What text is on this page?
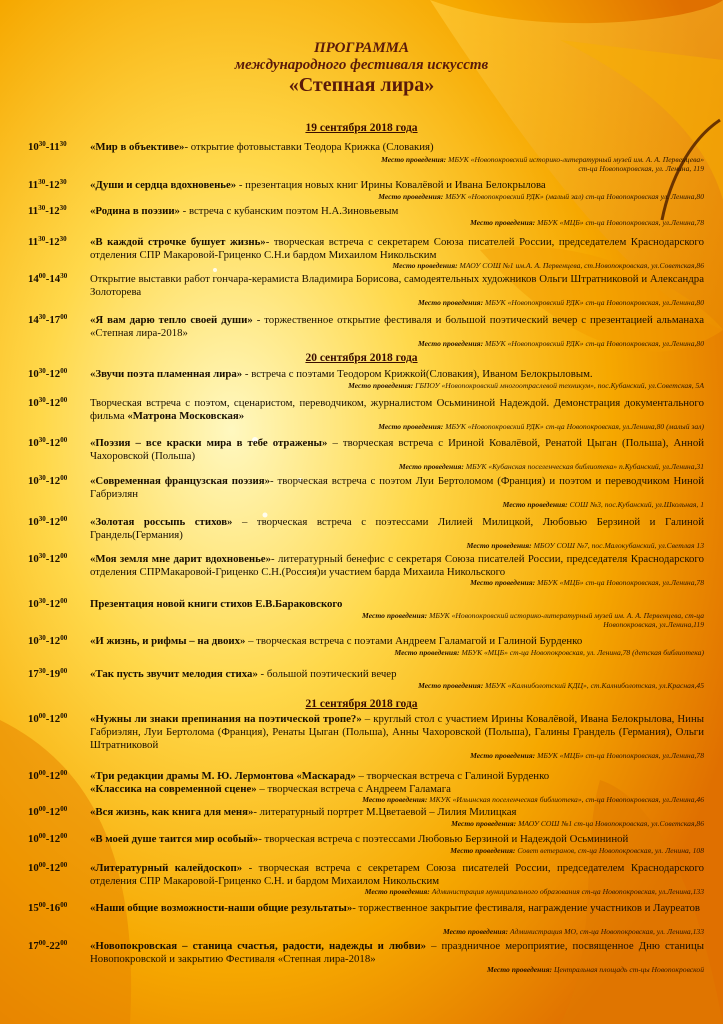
ПРОГРАММА
международного фестиваля искусств
«Степная лира»
19 сентября 2018 года
20 сентября 2018 года
21 сентября 2018 года
$10^{30}-11^{30}$	«Мир в объективе»- открытие фотовыставки Теодора Крижка (Словакия)
Место проведения: МБУК «Новопокровский историко-литературный музей им. А. А. Первенцева»
ст-ца Новопокровская, ул. Ленина, 119
$11^{30}-12^{30}$	«Души и сердца вдохновенье» - презентация новых книг Ирины Ковалёвой и Ивана Белокрылова
Место проведения: МБУК «Новопокровский РДК» (малый зал) ст-ца Новопокровская ул. Ленина,80
$11^{30}-12^{30}$	«Родина в поэзии» - встреча с кубанским поэтом Н.А.Зиновьевым
Место проведения: МБУК «МЦБ» ст-ца Новопокровская, ул.Ленина,78
$11^{30}-12^{30}$	«В каждой строчке бушует жизнь»- творческая встреча с секретарем Союза писателей России, председателем Краснодарского отделения СПР Макаровой-Гриценко С.Н.и бардом Михаилом Никольским
Место проведения: МАОУ СОШ №1 им.А. А. Первенцева, ст.Новопокровская, ул.Советская,86
$14^{00}-14^{30}$	Открытие выставки работ гончара-керамиста Владимира Борисова, самодеятельных художников Ольги Штратниковой и Александра Золоторева
Место проведения: МБУК «Новопокровский РДК» ст-ца Новопокровская, ул.Ленина,80
$14^{30}-17^{00}$	«Я вам дарю тепло своей души» - торжественное открытие фестиваля и большой поэтический вечер с презентацией альманаха «Степная лира-2018»
Место проведения: МБУК «Новопокровский РДК» ст-ца Новопокровская, ул.Ленина,80
$10^{30}-12^{00}$	«Звучи поэта пламенная лира» - встреча с поэтами Теодором Крижкой(Словакия), Иваном Белокрыловым.
Место проведения: ГБПОУ «Новопокровский многоотраслевой техникум», пос.Кубанский, ул.Советская, 5А
$10^{30}-12^{00}$	Творческая встреча с поэтом, сценаристом, переводчиком, журналистом Осьмининой Надеждой. Демонстрация документального фильма «Матрона Московская»
Место проведения: МБУК «Новопокровский РДК» ст-ца Новопокровская, ул.Ленина,80 (малый зал)
$10^{30}-12^{00}$	«Поэзия – все краски мира в тебе отражены» – творческая встреча с Ириной Ковалёвой, Ренатой Цыган (Польша), Анной Чахоровской (Польша)
Место проведения: МБУК «Кубанская поселенческая библиотека» п.Кубанский, ул.Ленина,31
$10^{30}-12^{00}$	«Современная французская поэзия»- творческая встреча с поэтом Луи Бертоломом (Франция) и поэтом и переводчиком Ниной Габриэлян
Место проведения: СОШ №3, пос.Кубанский, ул.Школьная, 1
$10^{30}-12^{00}$	«Золотая россыпь стихов» – творческая встреча с поэтессами Лилией Милицкой, Любовью Берзиной и Галиной Грандель(Германия)
Место проведения: МБОУ СОШ №7, пос.Малокубанский, ул.Светлая 13
$10^{30}-12^{00}$	«Моя земля мне дарит вдохновенье»- литературный бенефис с секретаря Союза писателей России, председателя Краснодарского отделения СПРМакаровой-Гриценко С.Н.(Россия)и участием барда Михаила Никольского
Место проведения: МБУК «МЦБ» ст-ца Новопокровская, ул.Ленина,78
$10^{30}-12^{00}$	Презентация новой книги стихов Е.В.Бараковского
Место проведения: МБУК «Новопокровский историко-литературный музей им. А. А. Первенцева, ст-ца
Новопокровская, ул.Ленина,119
$10^{30}-12^{00}$	«И жизнь, и рифмы – на двоих» – творческая встреча с поэтами Андреем Галамагой и Галиной Бурденко
Место проведения: МБУК «МЦБ» ст-ца Новопокровская, ул. Ленина,78 (детская библиотека)
$17^{30}-19^{00}$	«Так пусть звучит мелодия стиха» - большой поэтический вечер
Место проведения: МБУК «Калниболотский КДЦ», ст.Калниболотская, ул.Красная,45
$10^{00}-12^{00}$	«Нужны ли знаки препинания на поэтической тропе?» – круглый стол с участием Ирины Ковалёвой, Ивана Белокрылова, Нины Габриэлян, Луи Бертолома (Франция), Ренаты Цыган (Польша), Анны Чахоровской (Польша), Галины Грандель (Германия), Ольги Штратниковой
Место проведения: МБУК «МЦБ» ст-ца Новопокровская, ул.Ленина,78
$10^{00}-12^{00}$	«Три редакции драмы М. Ю. Лермонтова «Маскарад» – творческая встреча с Галиной Бурденко
«Классика на современной сцене» – творческая встреча с Андреем Галамага
Место проведения: МКУК «Ильинская поселенческая библиотека», ст-ца Новопокровская, ул.Ленина,46
$10^{00}-12^{00}$	«Вся жизнь, как книга для меня»- литературный портрет М.Цветаевой – Лилия Милицкая
Место проведения: МАОУ СОШ №1 ст-ца Новопокровская, ул.Советская,86
$10^{00}-12^{00}$	«В моей душе таится мир особый»- творческая встреча с поэтессами Любовью Берзиной и Надеждой Осьмининой
Место проведения: Совет ветеранов, ст-ца Новопокровская, ул. Ленина, 108
$10^{00}-12^{00}$	«Литературный калейдоскоп» - творческая встреча с секретарем Союза писателей России, председателем Краснодарского отделения СПР Макаровой-Гриценко С.Н. и бардом Михаилом Никольским
Место проведения: Администрация муниципального образования ст-ца Новопокровская, ул.Ленина,133
$15^{00}-16^{00}$	«Наши общие возможности-наши общие результаты»- торжественное закрытие фестиваля, награждение участников и Лауреатов
Место проведения: Администрация МО, ст-ца Новопокровская, ул. Ленина,133
$17^{00}-22^{00}$	«Новопокровская – станица счастья, радости, надежды и любви» – праздничное мероприятие, посвященное Дню станицы Новопокровской и закрытию Фестиваля «Степная лира-2018»
Место проведения: Центральная площадь ст-цы Новопокровской
